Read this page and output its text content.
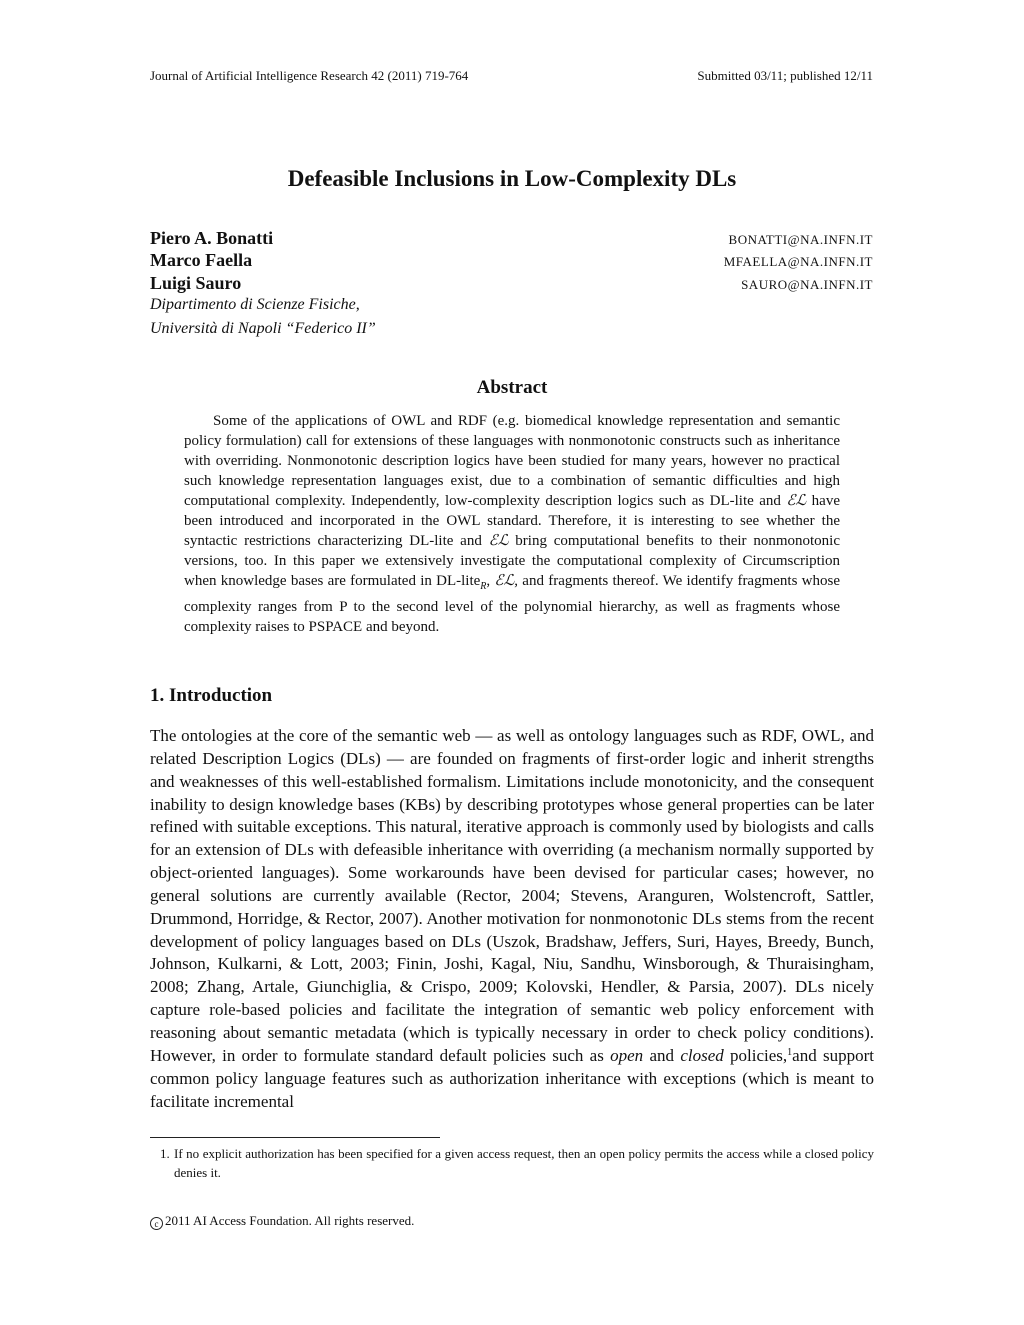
Journal of Artificial Intelligence Research 42 (2011) 719-764	Submitted 03/11; published 12/11
Defeasible Inclusions in Low-Complexity DLs
Piero A. Bonatti	BONATTI@NA.INFN.IT
Marco Faella	MFAELLA@NA.INFN.IT
Luigi Sauro	SAURO@NA.INFN.IT
Dipartimento di Scienze Fisiche,
Università di Napoli “Federico II”
Abstract

Some of the applications of OWL and RDF (e.g. biomedical knowledge representation and semantic policy formulation) call for extensions of these languages with nonmonotonic constructs such as inheritance with overriding. Nonmonotonic description logics have been studied for many years, however no practical such knowledge representation languages exist, due to a combination of semantic difficulties and high computational complexity. Independently, low-complexity description logics such as DL-lite and ℰℒ have been introduced and incorporated in the OWL standard. Therefore, it is interesting to see whether the syntactic restrictions characterizing DL-lite and ℰℒ bring computational benefits to their nonmonotonic versions, too. In this paper we extensively investigate the computational complexity of Circumscription when knowledge bases are formulated in DL-lite$_R$, ℰℒ, and fragments thereof. We identify fragments whose complexity ranges from P to the second level of the polynomial hierarchy, as well as fragments whose complexity raises to PSPACE and beyond.

1. Introduction

The ontologies at the core of the semantic web — as well as ontology languages such as RDF, OWL, and related Description Logics (DLs) — are founded on fragments of first-order logic and inherit strengths and weaknesses of this well-established formalism. Limitations include monotonicity, and the consequent inability to design knowledge bases (KBs) by describing prototypes whose general properties can be later refined with suitable exceptions. This natural, iterative approach is commonly used by biologists and calls for an extension of DLs with defeasible inheritance with overriding (a mechanism normally supported by object-oriented languages). Some workarounds have been devised for particular cases; however, no general solutions are currently available (Rector, 2004; Stevens, Aranguren, Wolstencroft, Sattler, Drummond, Horridge, & Rector, 2007). Another motivation for nonmonotonic DLs stems from the recent development of policy languages based on DLs (Uszok, Bradshaw, Jeffers, Suri, Hayes, Breedy, Bunch, Johnson, Kulkarni, & Lott, 2003; Finin, Joshi, Kagal, Niu, Sandhu, Winsborough, & Thuraisingham, 2008; Zhang, Artale, Giunchiglia, & Crispo, 2009; Kolovski, Hendler, & Parsia, 2007). DLs nicely capture role-based policies and facilitate the integration of semantic web policy enforcement with reasoning about semantic metadata (which is typically necessary in order to check policy conditions). However, in order to formulate standard default policies such as open and closed policies,$^1$and support common policy language features such as authorization inheritance with exceptions (which is meant to facilitate incremental

1. If no explicit authorization has been specified for a given access request, then an open policy permits the access while a closed policy denies it.

c 2011 AI Access Foundation. All rights reserved.
